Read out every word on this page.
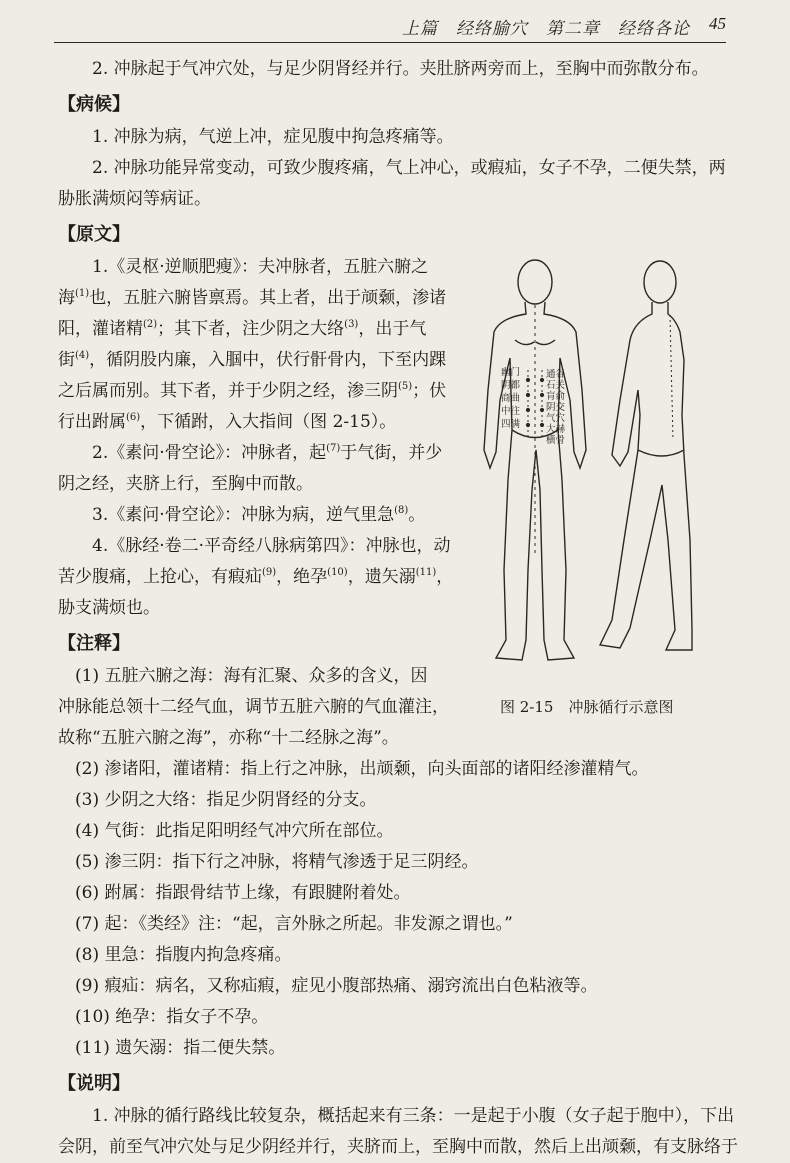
上篇　经络腧穴　第二章　经络各论 45

2. 冲脉起于气冲穴处，与足少阴肾经并行。夹肚脐两旁而上，至胸中而弥散分布。

【病候】

1. 冲脉为病，气逆上冲，症见腹中拘急疼痛等。

2. 冲脉功能异常变动，可致少腹疼痛，气上冲心，或瘕疝，女子不孕，二便失禁，两

胁胀满烦闷等病证。

【原文】

1.《灵枢·逆顺肥瘦》：夫冲脉者，五脏六腑之

海$^{(1)}$也，五脏六腑皆禀焉。其上者，出于颃颡，渗诸

阳，灌诸精$^{(2)}$；其下者，注少阴之大络$^{(3)}$，出于气

街$^{(4)}$，循阴股内廉，入腘中，伏行骭骨内，下至内踝

之后属而别。其下者，并于少阴之经，渗三阴$^{(5)}$；伏

行出跗属$^{(6)}$，下循跗，入大指间（图 2-15）。

2.《素问·骨空论》：冲脉者，起$^{(7)}$于气街，并少

阴之经，夹脐上行，至胸中而散。

3.《素问·骨空论》：冲脉为病，逆气里急$^{(8)}$。

4.《脉经·卷二·平奇经八脉病第四》：冲脉也，动

苦少腹痛，上抢心，有瘕疝$^{(9)}$，绝孕$^{(10)}$，遗矢溺$^{(11)}$，

胁支满烦也。

【注释】

(1) 五脏六腑之海：海有汇聚、众多的含义，因

冲脉能总领十二经气血，调节五脏六腑的气血灌注，

故称“五脏六腑之海”，亦称“十二经脉之海”。

(2) 渗诸阳，灌诸精：指上行之冲脉，出颃颡，向头面部的诸阳经渗灌精气。

(3) 少阴之大络：指足少阴肾经的分支。

(4) 气街：此指足阳明经气冲穴所在部位。

(5) 渗三阴：指下行之冲脉，将精气渗透于足三阴经。

(6) 跗属：指跟骨结节上缘，有跟腱附着处。

(7) 起：《类经》注：“起，言外脉之所起。非发源之谓也。”

(8) 里急：指腹内拘急疼痛。

(9) 瘕疝：病名，又称疝瘕，症见小腹部热痛、溺窍流出白色粘液等。

(10) 绝孕：指女子不孕。

(11) 遗矢溺：指二便失禁。

【说明】

1. 冲脉的循行路线比较复杂，概括起来有三条：一是起于小腹（女子起于胞中），下出

会阴，前至气冲穴处与足少阴经并行，夹脐而上，至胸中而散，然后上出颃颡，有支脉络于

幽门
阴都
商曲
中注
四满
通谷
石关
肓俞
阴交
气穴
大赫
横骨
图 2-15　冲脉循行示意图
